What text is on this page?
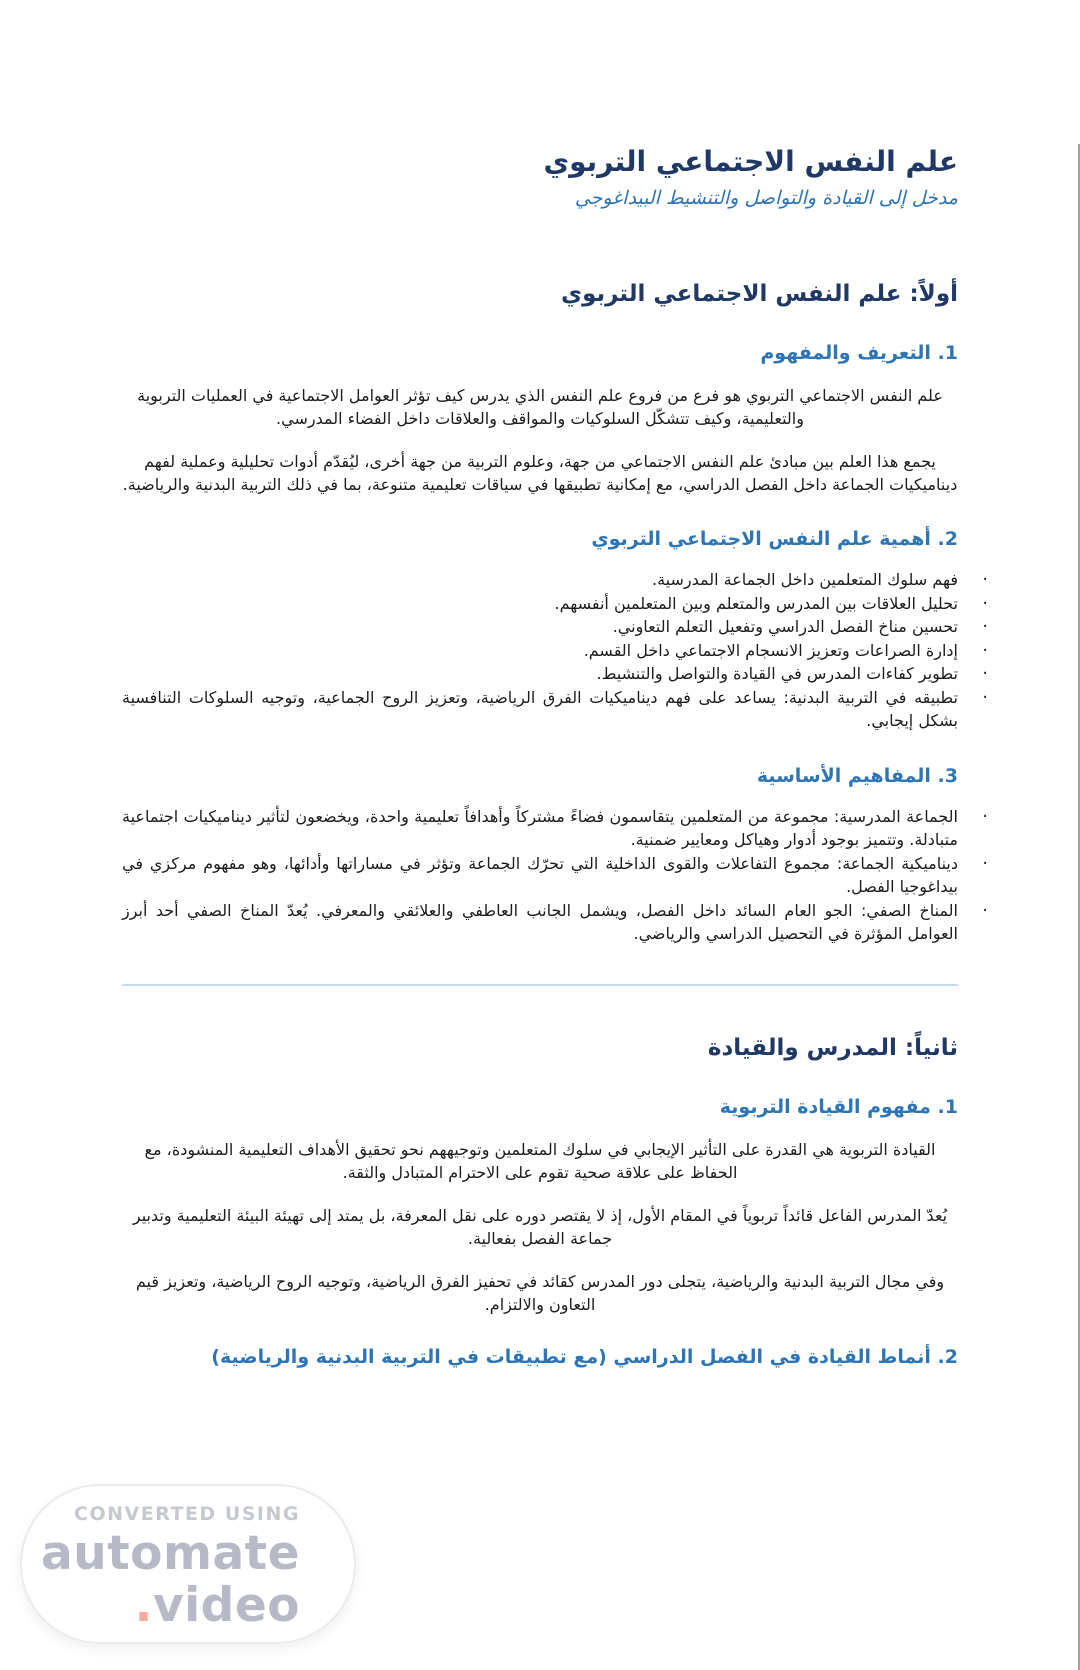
علم النفس الاجتماعي التربوي
مدخل إلى القيادة والتواصل والتنشيط البيداغوجي
أولاً: علم النفس الاجتماعي التربوي
1. التعريف والمفهوم

علم النفس الاجتماعي التربوي هو فرع من فروع علم النفس الذي يدرس كيف تؤثر العوامل الاجتماعية في العمليات التربوية والتعليمية، وكيف تتشكّل السلوكيات والمواقف والعلاقات داخل الفضاء المدرسي.

يجمع هذا العلم بين مبادئ علم النفس الاجتماعي من جهة، وعلوم التربية من جهة أخرى، ليُقدّم أدوات تحليلية وعملية لفهم ديناميكيات الجماعة داخل الفصل الدراسي، مع إمكانية تطبيقها في سياقات تعليمية متنوعة، بما في ذلك التربية البدنية والرياضية.

2. أهمية علم النفس الاجتماعي التربوي
· فهم سلوك المتعلمين داخل الجماعة المدرسية.
· تحليل العلاقات بين المدرس والمتعلم وبين المتعلمين أنفسهم.
· تحسين مناخ الفصل الدراسي وتفعيل التعلم التعاوني.
· إدارة الصراعات وتعزيز الانسجام الاجتماعي داخل القسم.
· تطوير كفاءات المدرس في القيادة والتواصل والتنشيط.
· تطبيقه في التربية البدنية: يساعد على فهم ديناميكيات الفرق الرياضية، وتعزيز الروح الجماعية، وتوجيه السلوكات التنافسية بشكل إيجابي.
3. المفاهيم الأساسية
· الجماعة المدرسية: مجموعة من المتعلمين يتقاسمون فضاءً مشتركاً وأهدافاً تعليمية واحدة، ويخضعون لتأثير ديناميكيات اجتماعية متبادلة. وتتميز بوجود أدوار وهياكل ومعايير ضمنية.
· ديناميكية الجماعة: مجموع التفاعلات والقوى الداخلية التي تحرّك الجماعة وتؤثر في مساراتها وأدائها، وهو مفهوم مركزي في بيداغوجيا الفصل.
· المناخ الصفي: الجو العام السائد داخل الفصل، ويشمل الجانب العاطفي والعلائقي والمعرفي. يُعدّ المناخ الصفي أحد أبرز العوامل المؤثرة في التحصيل الدراسي والرياضي.
ثانياً: المدرس والقيادة
1. مفهوم القيادة التربوية

القيادة التربوية هي القدرة على التأثير الإيجابي في سلوك المتعلمين وتوجيههم نحو تحقيق الأهداف التعليمية المنشودة، مع الحفاظ على علاقة صحية تقوم على الاحترام المتبادل والثقة.

يُعدّ المدرس الفاعل قائداً تربوياً في المقام الأول، إذ لا يقتصر دوره على نقل المعرفة، بل يمتد إلى تهيئة البيئة التعليمية وتدبير جماعة الفصل بفعالية.

وفي مجال التربية البدنية والرياضية، يتجلى دور المدرس كقائد في تحفيز الفرق الرياضية، وتوجيه الروح الرياضية، وتعزيز قيم التعاون والالتزام.

2. أنماط القيادة في الفصل الدراسي (مع تطبيقات في التربية البدنية والرياضية)
CONVERTED USING
automate
.video
